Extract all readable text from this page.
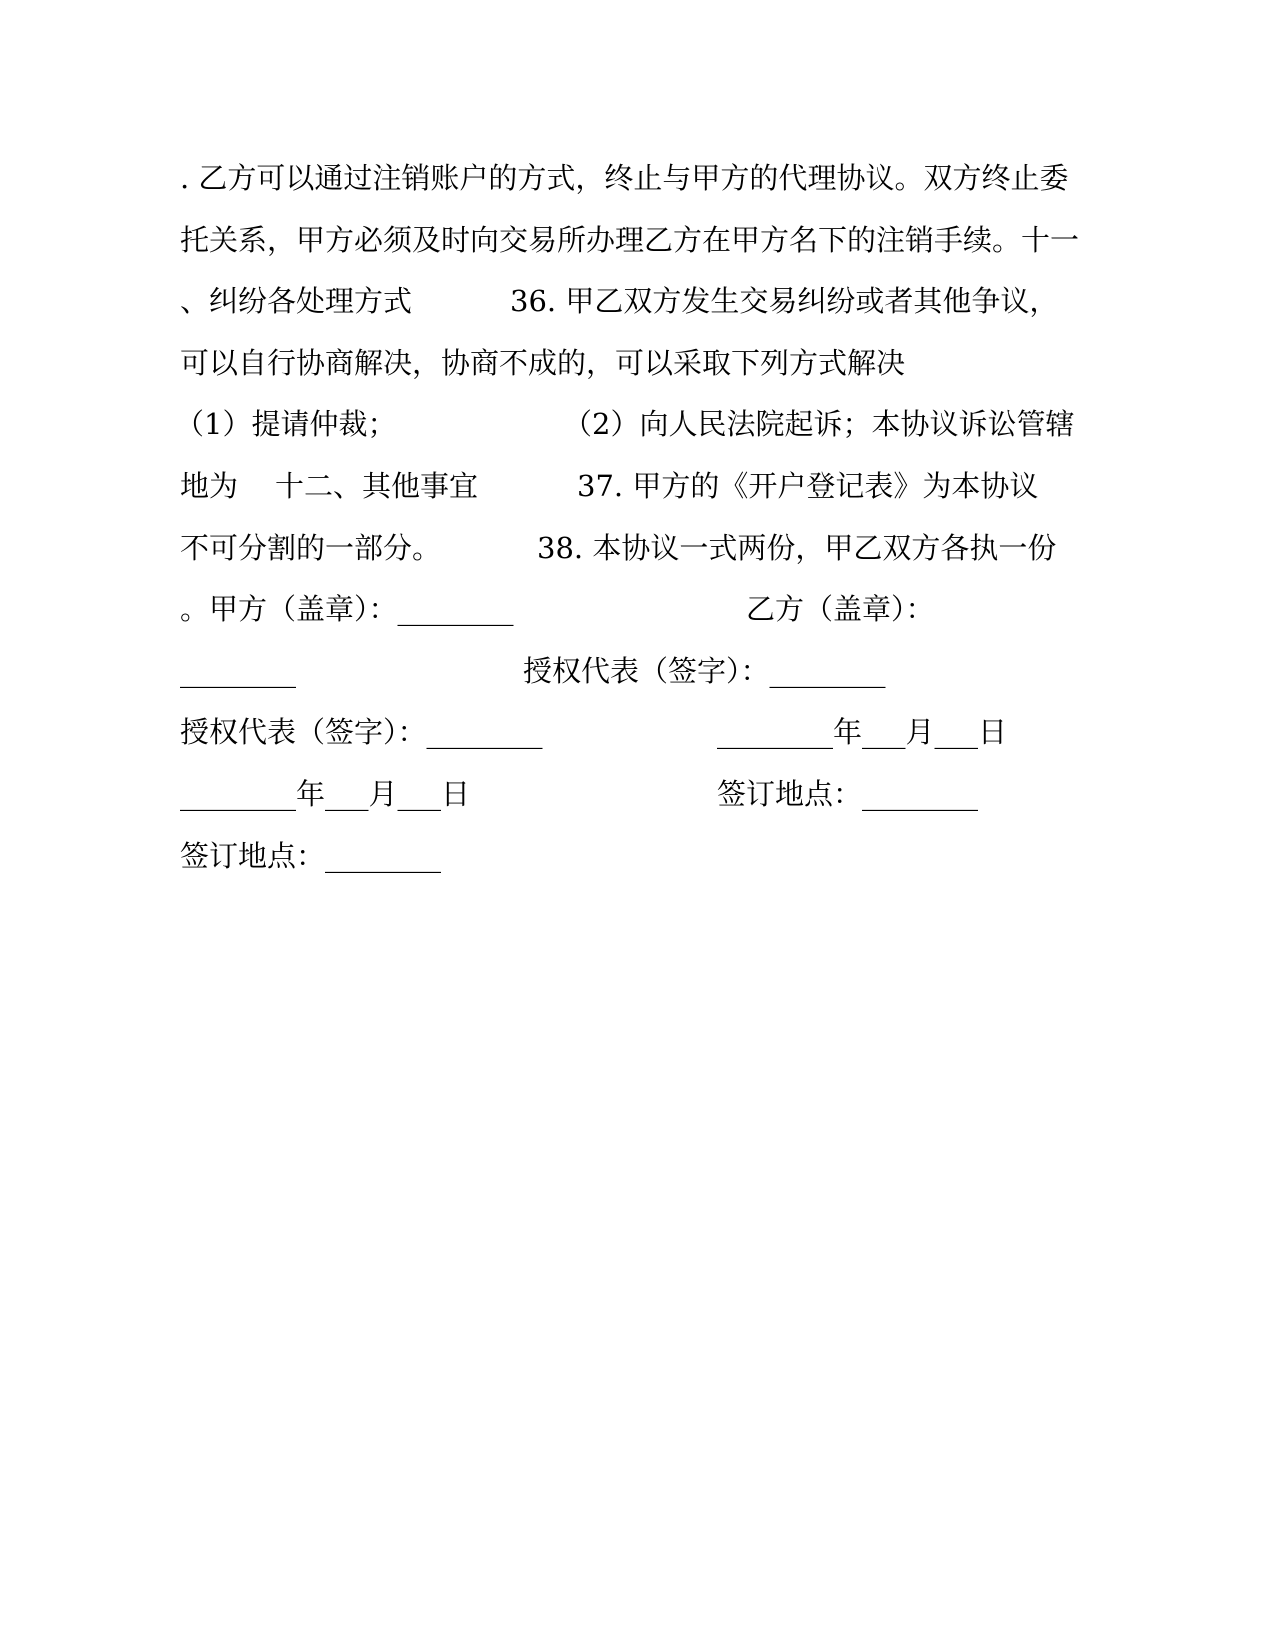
. 乙方可以通过注销账户的方式，终止与甲方的代理协议。双方终止委

托关系，甲方必须及时向交易所办理乙方在甲方名下的注销手续。十一

、纠纷各处理方式

	36. 甲乙双方发生交易纠纷或者其他争议，

可以自行协商解决，协商不成的，可以采取下列方式解决

（1）提请仲裁；

	（2）向人民法院起诉；本协议诉讼管辖

地为

十二、其他事宜

	37. 甲方的《开户登记表》为本协议

不可分割的一部分。

	38. 本协议一式两份，甲乙双方各执一份

。甲方（盖章）：________

	乙方（盖章）：

________

	授权代表（签字）：________

授权代表（签字）：________

	________年___月___日

________年___月___日

	签订地点：________

签订地点：________
